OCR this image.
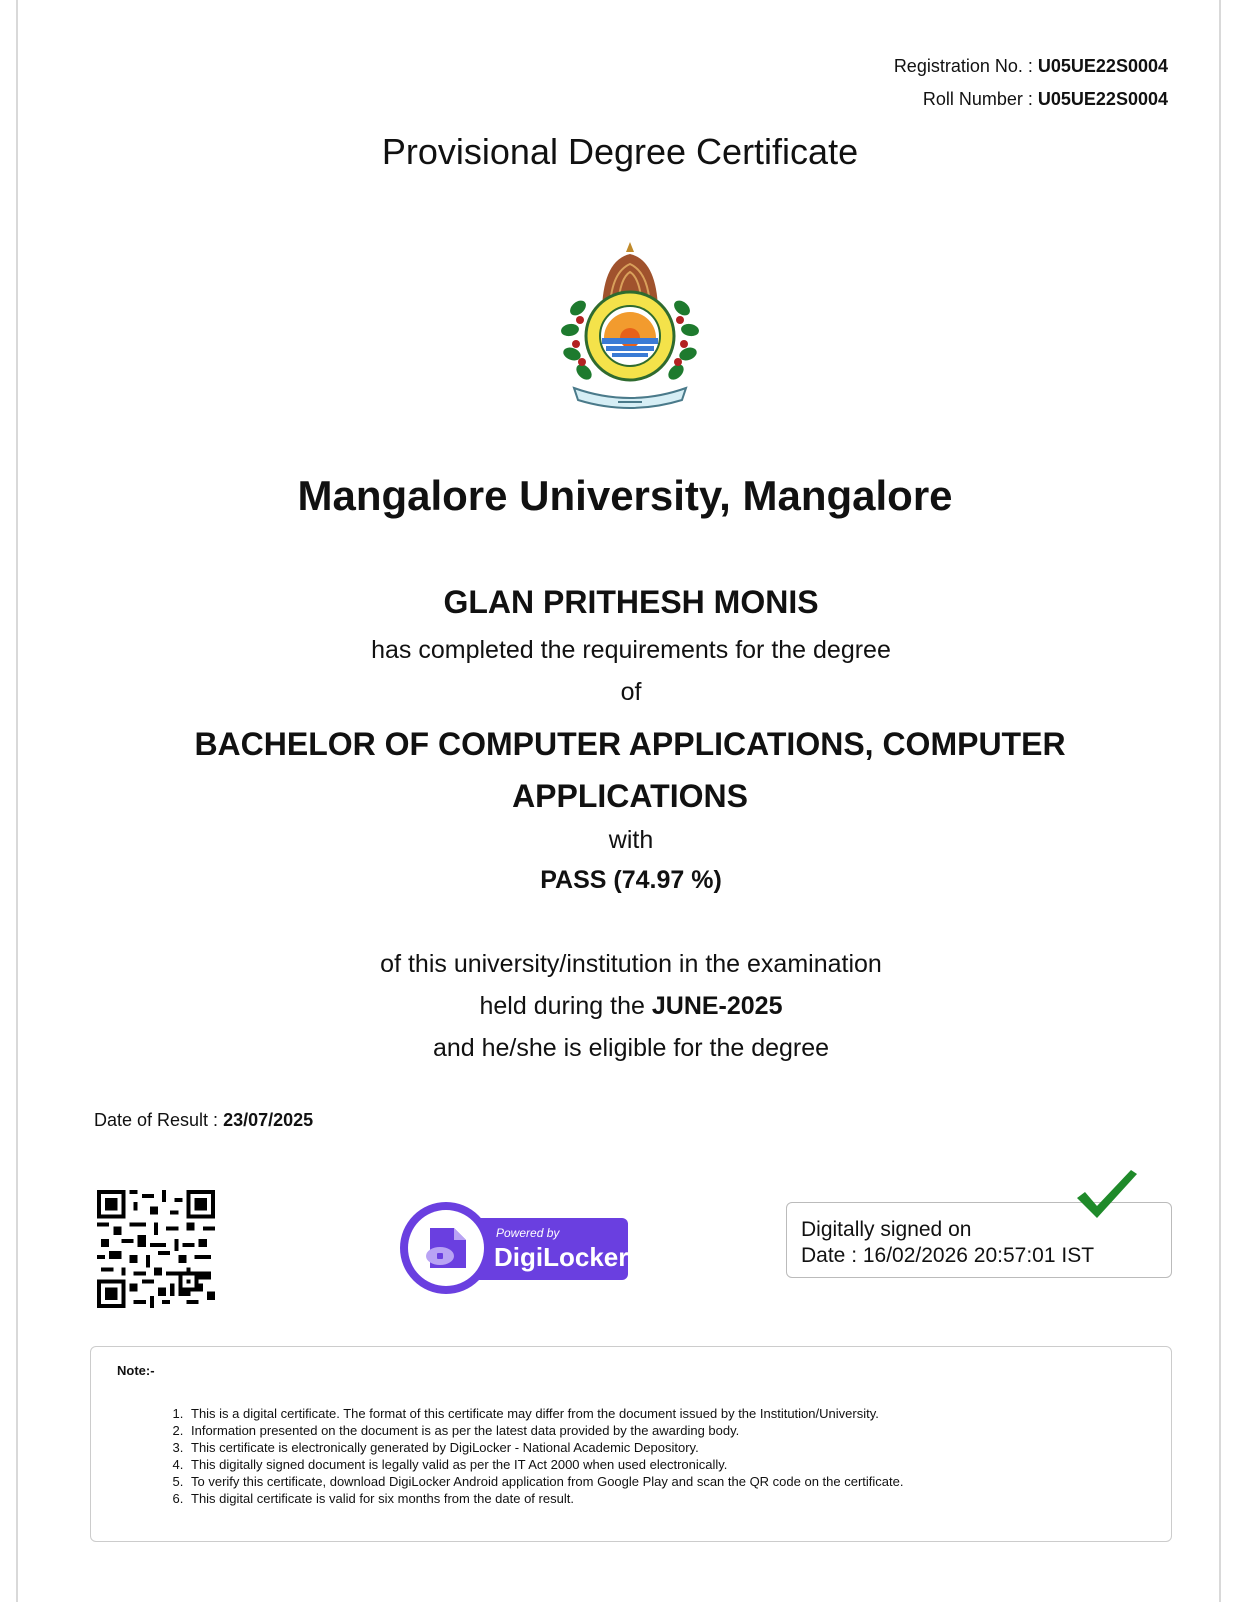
Registration No. : U05UE22S0004
Roll Number : U05UE22S0004
Provisional Degree Certificate
Mangalore University, Mangalore
GLAN PRITHESH MONIS
has completed the requirements for the degree
of
BACHELOR OF COMPUTER APPLICATIONS, COMPUTER APPLICATIONS
with
PASS (74.97 %)
of this university/institution in the examination
held during the JUNE-2025
and he/she is eligible for the degree
Date of Result : 23/07/2025
Powered by
DigiLocker
Digitally signed on
Date : 16/02/2026 20:57:01 IST
Note:-
1. This is a digital certificate. The format of this certificate may differ from the document issued by the Institution/University.
2. Information presented on the document is as per the latest data provided by the awarding body.
3. This certificate is electronically generated by DigiLocker - National Academic Depository.
4. This digitally signed document is legally valid as per the IT Act 2000 when used electronically.
5. To verify this certificate, download DigiLocker Android application from Google Play and scan the QR code on the certificate.
6. This digital certificate is valid for six months from the date of result.
